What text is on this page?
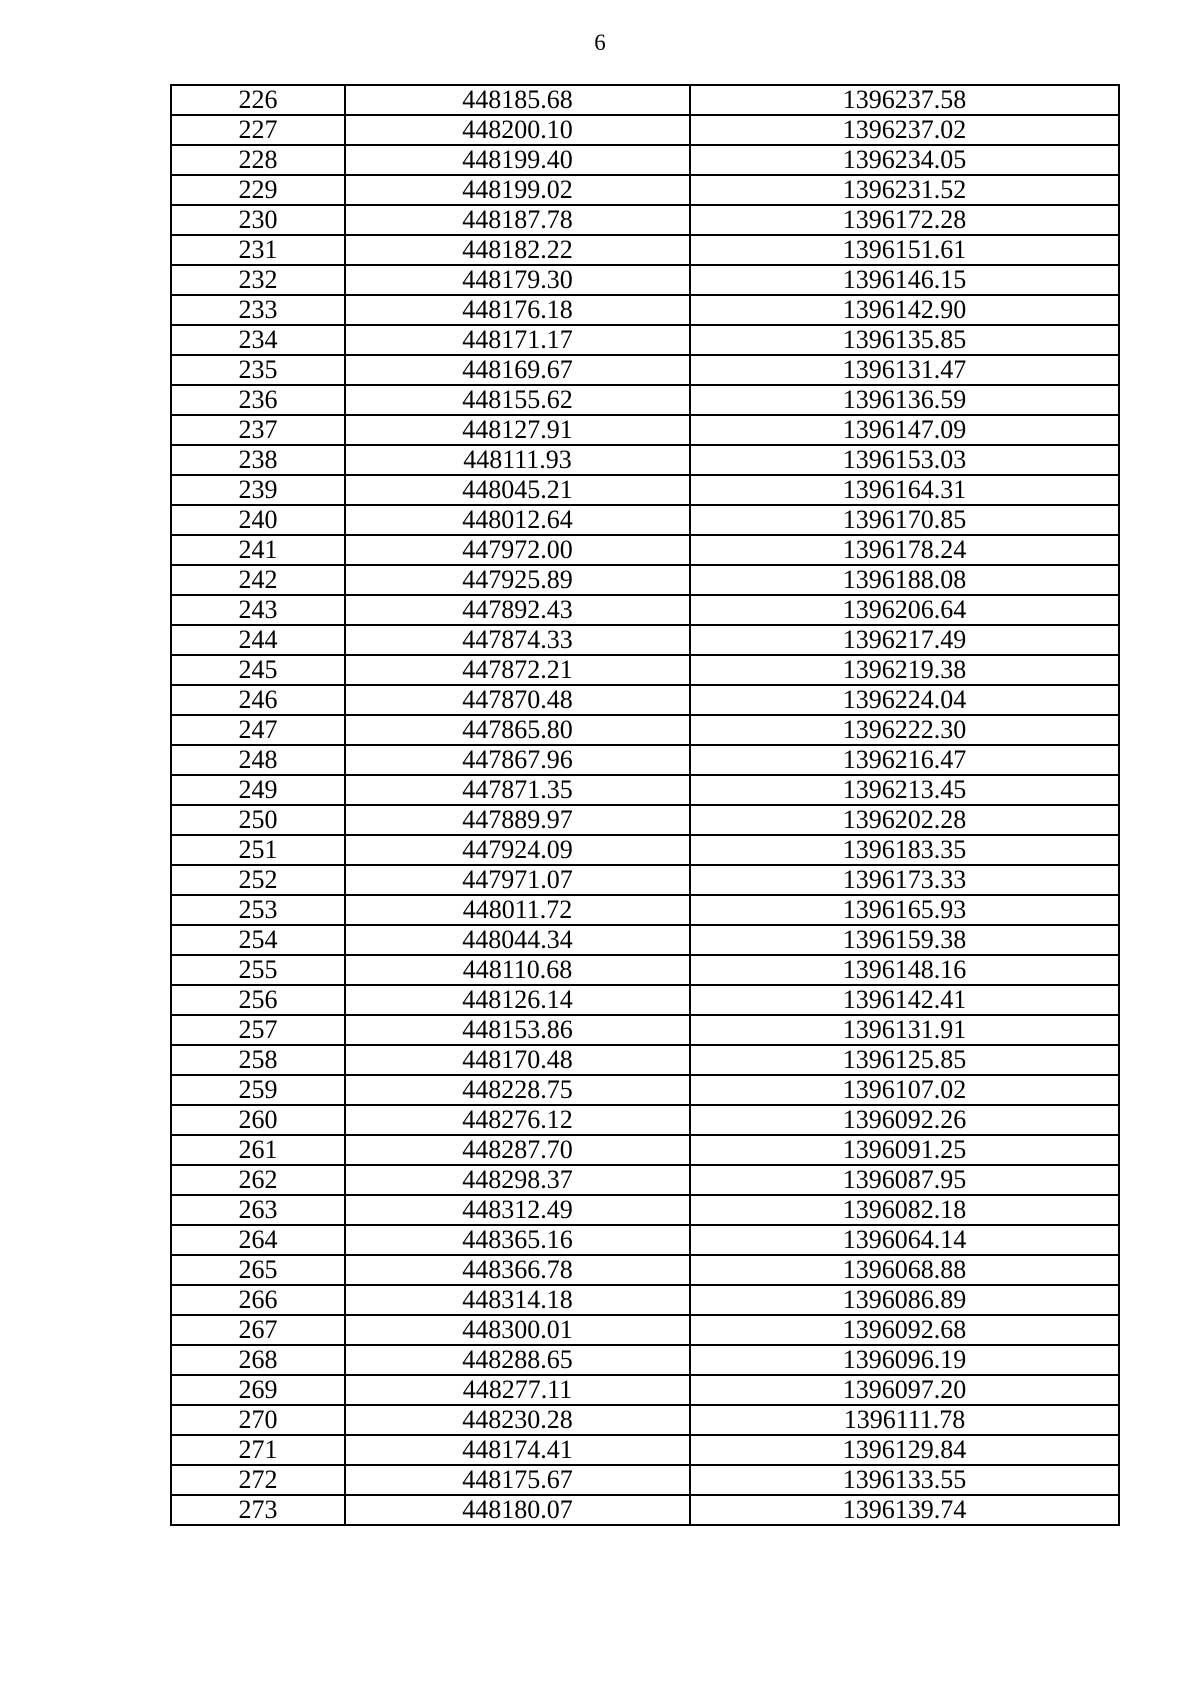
6
226	448185.68	1396237.58
227	448200.10	1396237.02
228	448199.40	1396234.05
229	448199.02	1396231.52
230	448187.78	1396172.28
231	448182.22	1396151.61
232	448179.30	1396146.15
233	448176.18	1396142.90
234	448171.17	1396135.85
235	448169.67	1396131.47
236	448155.62	1396136.59
237	448127.91	1396147.09
238	448111.93	1396153.03
239	448045.21	1396164.31
240	448012.64	1396170.85
241	447972.00	1396178.24
242	447925.89	1396188.08
243	447892.43	1396206.64
244	447874.33	1396217.49
245	447872.21	1396219.38
246	447870.48	1396224.04
247	447865.80	1396222.30
248	447867.96	1396216.47
249	447871.35	1396213.45
250	447889.97	1396202.28
251	447924.09	1396183.35
252	447971.07	1396173.33
253	448011.72	1396165.93
254	448044.34	1396159.38
255	448110.68	1396148.16
256	448126.14	1396142.41
257	448153.86	1396131.91
258	448170.48	1396125.85
259	448228.75	1396107.02
260	448276.12	1396092.26
261	448287.70	1396091.25
262	448298.37	1396087.95
263	448312.49	1396082.18
264	448365.16	1396064.14
265	448366.78	1396068.88
266	448314.18	1396086.89
267	448300.01	1396092.68
268	448288.65	1396096.19
269	448277.11	1396097.20
270	448230.28	1396111.78
271	448174.41	1396129.84
272	448175.67	1396133.55
273	448180.07	1396139.74
